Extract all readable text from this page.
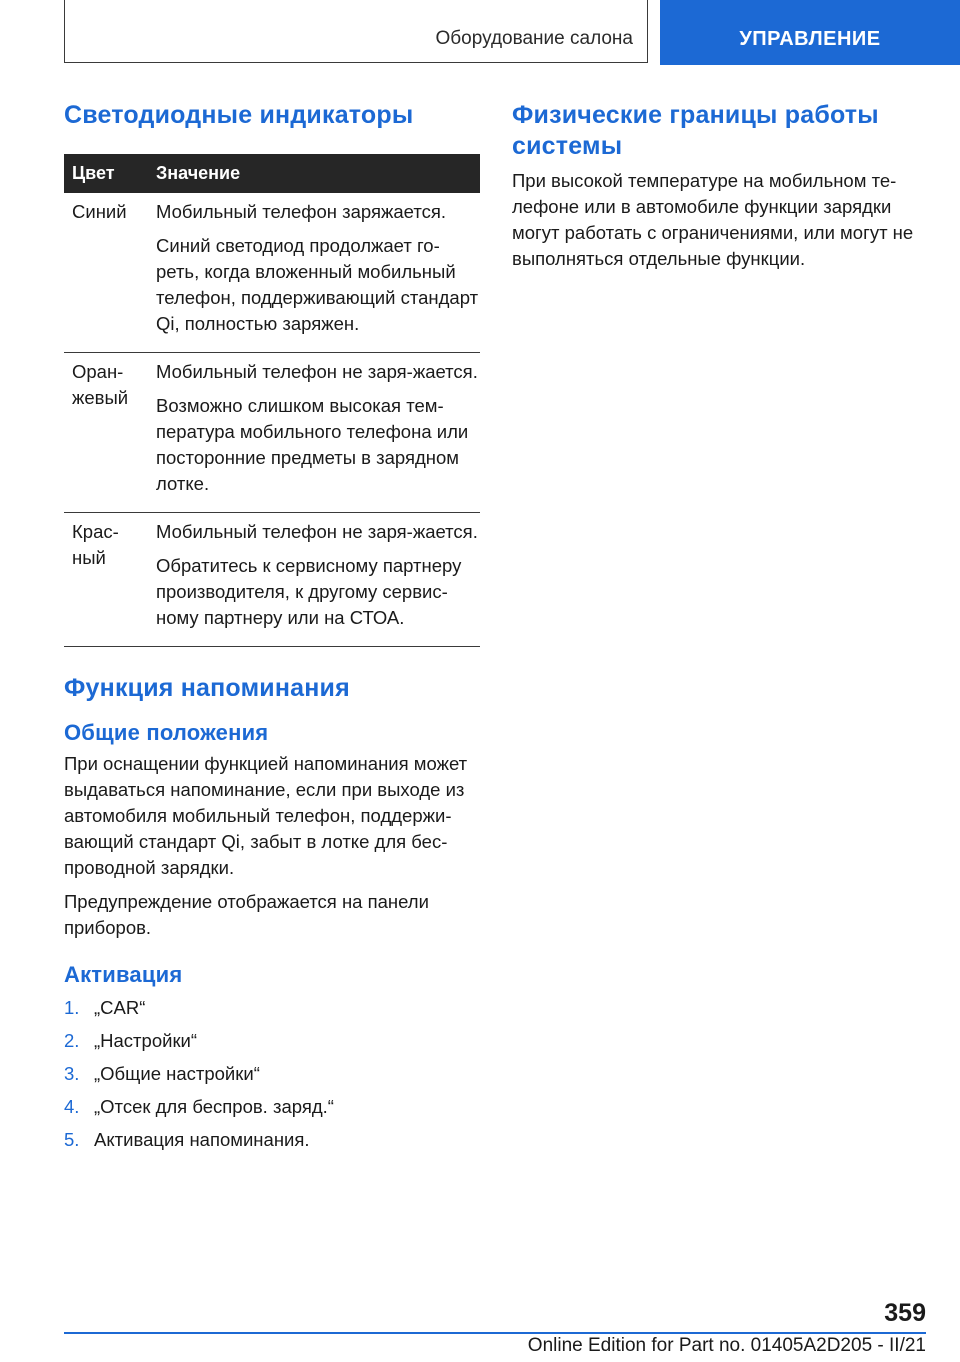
Оборудование салона	УПРАВЛЕНИЕ
Светодиодные индикаторы
Цвет	Значение
Синий	Мобильный телефон заряжается.
Синий светодиод продолжает го-реть, когда вложенный мобильный телефон, поддерживающий стандарт Qi, полностью заряжен.

Оран-жевый	Мобильный телефон не заря-жается.
Возможно слишком высокая тем-пература мобильного телефона или посторонние предметы в зарядном лотке.

Крас-ный	Мобильный телефон не заря-жается.
Обратитесь к сервисному партнеру производителя, к другому сервис-ному партнеру или на СТОА.
Функция напоминания
Общие положения

При оснащении функцией напоминания может выдаваться напоминание, если при выходе из автомобиля мобильный телефон, поддержи-вающий стандарт Qi, забыт в лотке для бес-проводной зарядки.

Предупреждение отображается на панели приборов.

Активация
1. „CAR“
2. „Настройки“
3. „Общие настройки“
4. „Отсек для беспров. заряд.“
5. Активация напоминания.
Физические границы работы системы

При высокой температуре на мобильном те-лефоне или в автомобиле функции зарядки могут работать с ограничениями, или могут не выполняться отдельные функции.

359
Online Edition for Part no. 01405A2D205 - II/21
